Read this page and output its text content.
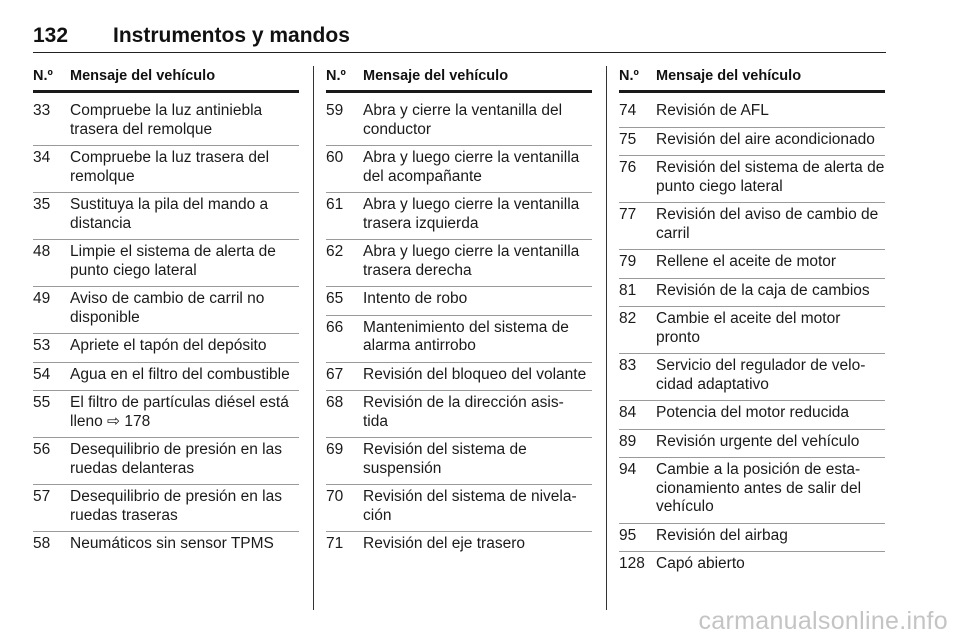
132 Instrumentos y mandos
N.º	Mensaje del vehículo
33	Compruebe la luz antiniebla trasera del remolque
34	Compruebe la luz trasera del remolque
35	Sustituya la pila del mando a distancia
48	Limpie el sistema de alerta de punto ciego lateral
49	Aviso de cambio de carril no disponible
53	Apriete el tapón del depósito
54	Agua en el filtro del combustible
55	El filtro de partículas diésel está lleno ⇨ 178
56	Desequilibrio de presión en las ruedas delanteras
57	Desequilibrio de presión en las ruedas traseras
58	Neumáticos sin sensor TPMS
N.º	Mensaje del vehículo
59	Abra y cierre la ventanilla del conductor
60	Abra y luego cierre la ventanilla del acompañante
61	Abra y luego cierre la ventanilla trasera izquierda
62	Abra y luego cierre la ventanilla trasera derecha
65	Intento de robo
66	Mantenimiento del sistema de alarma antirrobo
67	Revisión del bloqueo del volante
68	Revisión de la dirección asis- tida
69	Revisión del sistema de suspensión
70	Revisión del sistema de nivela- ción
71	Revisión del eje trasero
N.º	Mensaje del vehículo
74	Revisión de AFL
75	Revisión del aire acondicionado
76	Revisión del sistema de alerta de punto ciego lateral
77	Revisión del aviso de cambio de carril
79	Rellene el aceite de motor
81	Revisión de la caja de cambios
82	Cambie el aceite del motor pronto
83	Servicio del regulador de velo- cidad adaptativo
84	Potencia del motor reducida
89	Revisión urgente del vehículo
94	Cambie a la posición de esta- cionamiento antes de salir del vehículo
95	Revisión del airbag
128 Capó abierto
carmanualsonline.info
